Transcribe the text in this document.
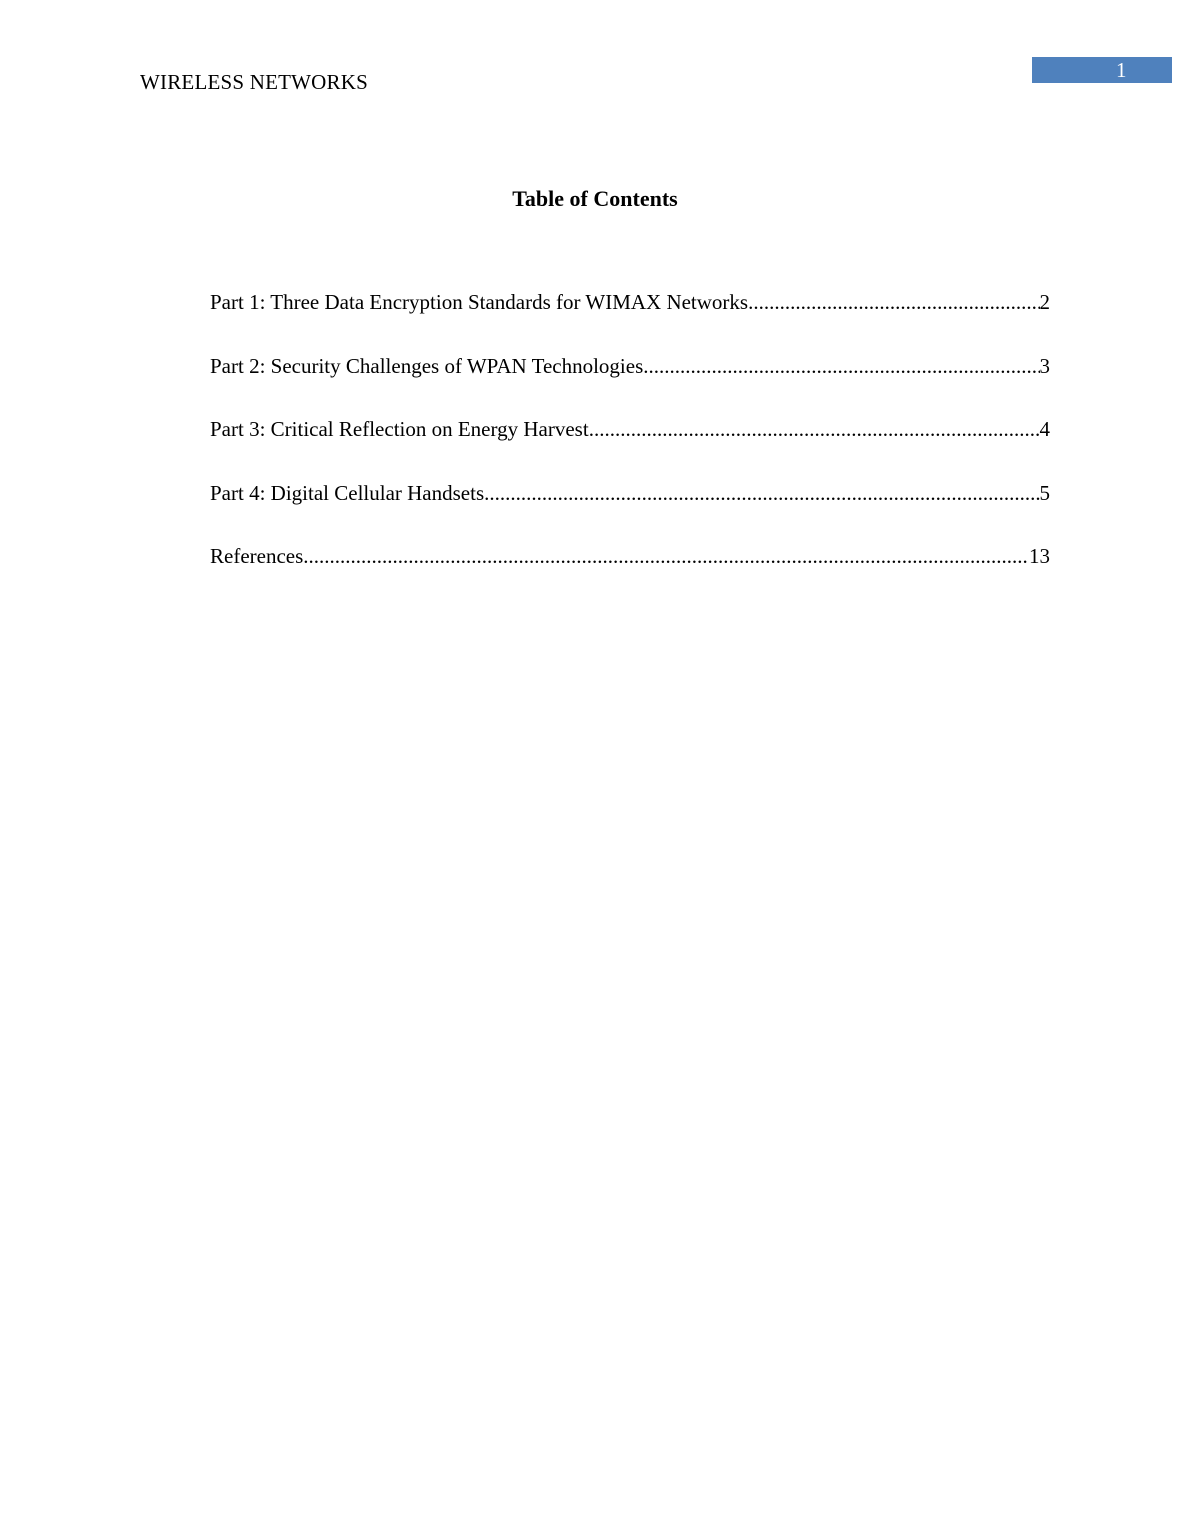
WIRELESS NETWORKS	1
Table of Contents
Part 1: Three Data Encryption Standards for WIMAX Networks .....	2
Part 2: Security Challenges of WPAN Technologies .....	3
Part 3: Critical Reflection on Energy Harvest .....	4
Part 4: Digital Cellular Handsets .....	5
References .....	13
